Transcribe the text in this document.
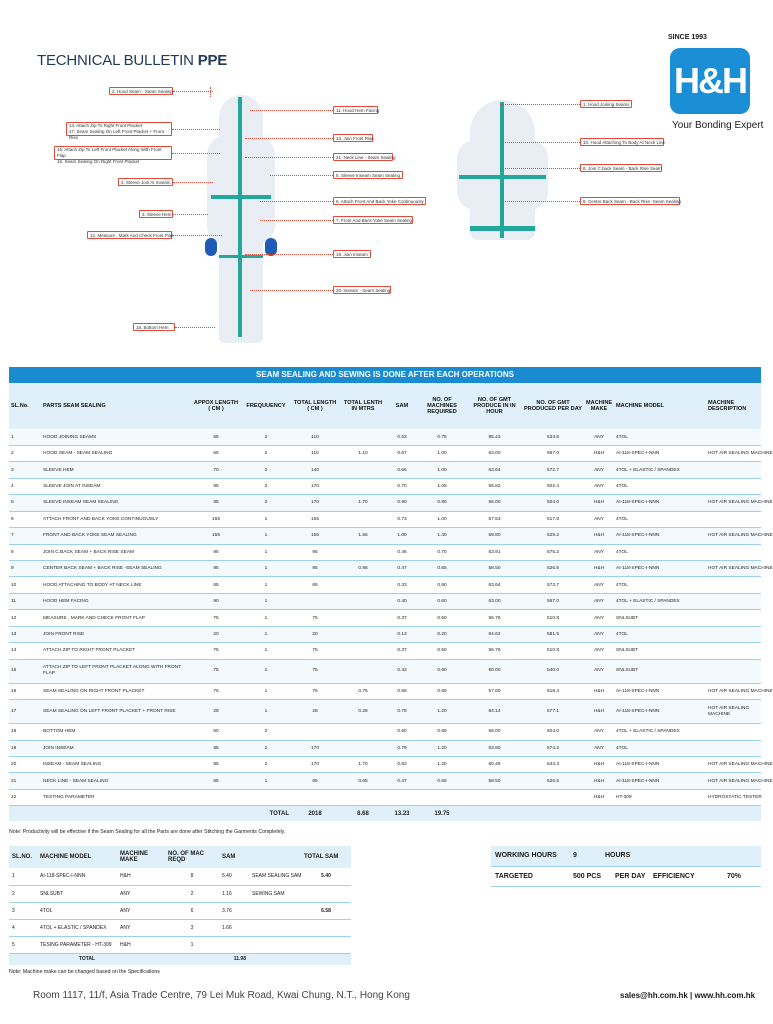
SINCE 1993
TECHNICAL BULLETIN PPE	H&H
Your Bonding Expert
2. Hood Seam - Seam Sealing
14. Attach Zip To Right Front Placket
17. Seam Sealing On Left Front Placket + Front Rise
15. Attach Zip To Left Front Placket Along With Front Flap
16. Seam Sealing On Right Front Placket
4. Sleeve Join At Inseam
3. Sleeve Hem
12. Measure , Mark And Check Front Flap
11. Hood Hem Facing
13. Join Front Rise
21. Neck Line - Seam Sealing
5. Sleeve Inseam Seam Sealing
6. Attach Front And Back Yoke Continuously
7. Front And Back Yoke Seam Sealing
19. Join Inseam
20. Inseam - Seam Sealing
18. Bottom Hem
1. Hood Joining Seams
10. Hood Attaching To Body At Neck Line
8. Join C.back Seam - Back Rise Seam
9. Center Back Seam - Back Rise -Seam Sealing
SEAM SEALING AND SEWING IS DONE AFTER EACH OPERATIONS
SL.No.	PARTS SEAM SEALING	APPOX LENGTH ( CM )	FREQUUENCY	TOTAL LENGTH ( CM )	TOTAL LENTH IN MTRS	SAM	NO. OF MACHINES REQUIRED	NO. OF GMT PRODUCE IN IN HOUR	NO. OF GMT PRODUCED PER DAY	MACHINE MAKE	MACHINE MODEL	MACHINE DESCRIPTION
1	HOOD JOINING SEAMS	55	2	110		0.53	0.75	85.43	534.5	ANY	4TOL	
2	HOOD SEAM - SEAM SEALING	55	2	110	1.10	0.67	1.00	63.00	567.0	H&H	AI-118-SPEC-I-NNN	HOT AIR SEALING MACHINE
3	SLEEVE HEM	70	2	140		0.66	1.00	63.64	572.7	ANY	4TOL + ELASTIC / SPANDEX	
4	SLEEVE JOIN AT INSEAM	85	2	170		0.70	1.05	55.82	502.4	ANY	4TOL	
5	SLEEVE INSEAM SEAM SEALING	85	2	170	1.70	0.90	0.80	56.00	504.0	H&H	AI-118-SPEC-I-NNN	HOT AIR SEALING MACHINE
6	ATTACH FRONT AND BACK YOKE CONTINUOUSLY	155	1	155		0.73	1.00	57.53	517.8	ANY	4TOL	
7	FRONT AND BACK YOKE SEAM SEALING	155	1	155	1.55	1.00	1.40	58.80	529.2	H&H	AI-118-SPEC-I-NNN	HOT AIR SEALING MACHINE
8	JOIN C.BACK SEAM + BACK RISE SEAM	95	1	95		0.46	0.70	63.91	575.2	ANY	4TOL	
9	CENTER BACK SEAM + BACK RISE -SEAM SEALING	95	1	95	0.95	0.47	0.65	58.50	526.5	H&H	AI-118-SPEC-I-NNN	HOT AIR SEALING MACHINE
10	HOOD ATTACHING TO BODY AT NECK LINE	65	1	65		0.33	0.50	63.64	572.7	ANY	4TOL	
11	HOOD HEM FACING	90	1			0.40	0.60	63.00	567.0	ANY	4TOL + ELASTIC / SPANDEX	
12	MEASURE , MARK AND CHECK FRONT FLAP	75	1	75		0.37	0.50	56.76	510.8	ANY	SNLSUBT	
13	JOIN FRONT RISE	20	1	20		0.13	0.20	64.62	581.5	ANY	4TOL	
14	ATTACH ZIP TO RIGHT FRONT PLACKET	75	1	75		0.37	0.50	56.76	510.8	ANY	SNLSUBT	
15	ATTACH ZIP TO LEFT FRONT PLACKET ALONG WITH FRONT FLAP	75	1	75		0.42	0.60	60.00	540.0	ANY	SNLSUBT	
16	SEAM SEALING ON RIGHT FRONT PLACKET	75	1	75	0.75	0.58	0.80	57.60	518.4	H&H	AI-118-SPEC-I-NNN	HOT AIR SEALING MACHINE
17	SEAM SEALING ON LEFT FRONT PLACKET + FRONT RISE	28	1	28	0.28	0.78	1.20	64.14	577.1	H&H	AI-118-SPEC-I-NNN	HOT AIR SEALING MACHINE
18	BOTTOM HEM	50	2			0.60	0.80	56.00	504.0	ANY	4TOL + ELASTIC / SPANDEX	
19	JOIN INSEAM	85	2	170		0.79	1.20	63.80	574.2	ANY	4TOL	
20	INSEAM - SEAM SEALING	85	2	170	1.70	0.83	1.20	60.48	544.3	H&H	AI-118-SPEC-I-NNN	HOT AIR SEALING MACHINE
21	NECK LINE - SEAM SEALING	65	1	65	0.65	0.47	0.65	58.50	526.5	H&H	AI-118-SPEC-I-NNN	HOT AIR SEALING MACHINE
22	TESTING PARAMETER									H&H	HT-309	HYDROSTATIC TESTER
TOTAL				2018	8.68	13.23	19.75					
Note: Productivity will be effective if the Seam Sealing for all the Parts are done after Stitching the Garments Completely.
SL.NO.	MACHINE MODEL	MACHINE MAKE	NO. OF MAC REQD	SAM		TOTAL SAM
1	AI-118-SPEC-I-NNN	H&H	8	5.40	SEAM SEALING SAM	5.40
2	SNLSUBT	ANY	2	1.16	SEWING SAM	
3	4TOL	ANY	6	3.76		6.58
4	4TOL + ELASTIC / SPANDEX	ANY	3	1.66		
5	TESING PARAMETER - HT-309	H&H	1			
TOTAL			11.98			
Note: Machine make can be changed based on the Specifications
WORKING HOURS	9	HOURS		
TARGETED	500 PCS	PER DAY	EFFICIENCY	70%
Room 1117, 11/f, Asia Trade Centre, 79 Lei Muk Road, Kwai Chung, N.T., Hong Kong	sales@hh.com.hk | www.hh.com.hk
